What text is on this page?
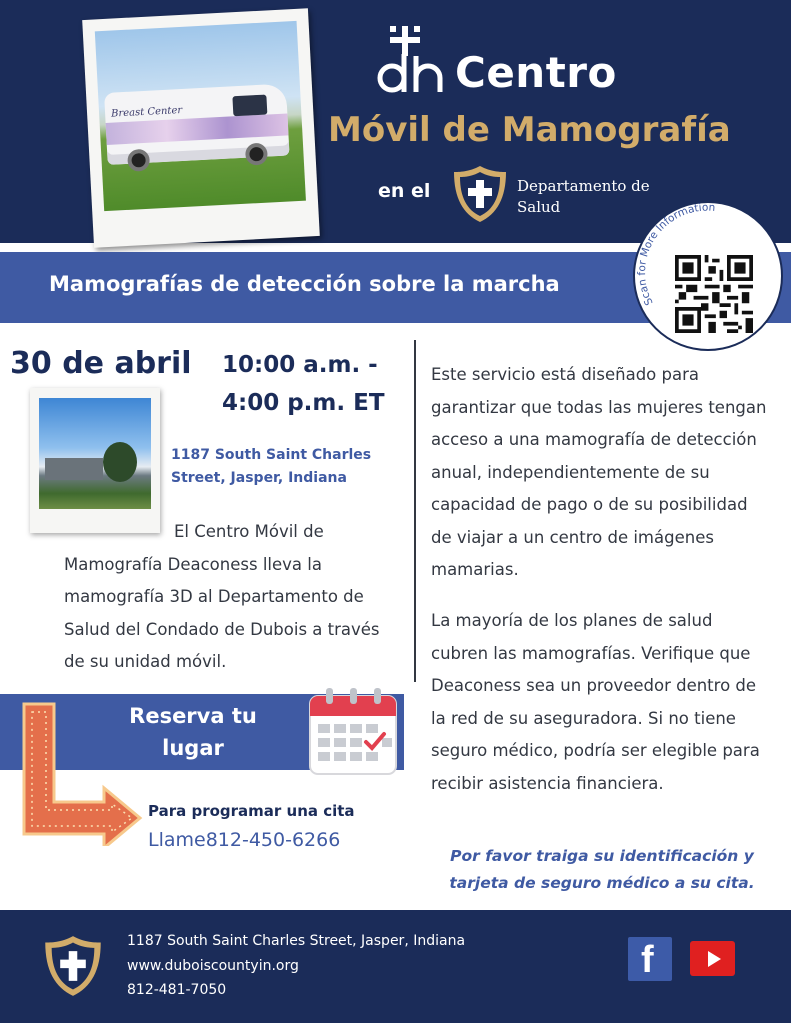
Breast Center
Centro
Móvil de Mamografía
en el	Departamento de
Salud
Scan for More Information
Mamografías de detección sobre la marcha
30 de abril 10:00 a.m. -
4:00 p.m. ET
1187 South Saint Charles
Street, Jasper, Indiana
El Centro Móvil de
Mamografía Deaconess lleva la mamografía 3D al Departamento de Salud del Condado de Dubois a través de su unidad móvil.
Este servicio está diseñado para garantizar que todas las mujeres tengan acceso a una mamografía de detección anual, independientemente de su capacidad de pago o de su posibilidad de viajar a un centro de imágenes mamarias.
La mayoría de los planes de salud cubren las mamografías. Verifique que Deaconess sea un proveedor dentro de la red de su aseguradora. Si no tiene seguro médico, podría ser elegible para recibir asistencia financiera.
Por favor traiga su identificación y tarjeta de seguro médico a su cita.
Reserva tu
lugar
Para programar una cita
Llame812-450-6266
1187 South Saint Charles Street, Jasper, Indiana
www.duboiscountyin.org
812-481-7050
f
